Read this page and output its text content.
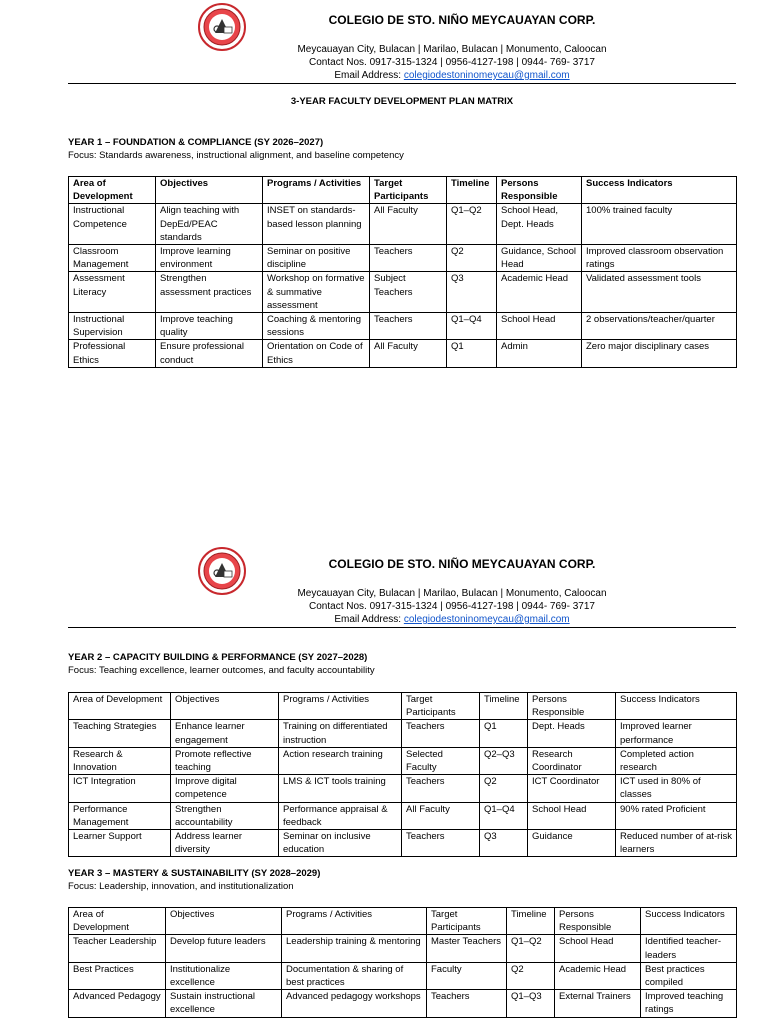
COLEGIO DE STO. NIÑO MEYCAUAYAN CORP.
Meycauayan City, Bulacan | Marilao, Bulacan | Monumento, Caloocan
Contact Nos. 0917-315-1324 | 0956-4127-198 | 0944- 769- 3717
Email Address: colegiodestoninomeycau@gmail.com
3-YEAR FACULTY DEVELOPMENT PLAN MATRIX
YEAR 1 – FOUNDATION & COMPLIANCE (SY 2026–2027)
Focus: Standards awareness, instructional alignment, and baseline competency
Area of Development	Objectives	Programs / Activities	Target Participants	Timeline	Persons Responsible	Success Indicators
Instructional Competence	Align teaching with DepEd/PEAC standards	INSET on standards-based lesson planning	All Faculty	Q1–Q2	School Head, Dept. Heads	100% trained faculty
Classroom Management	Improve learning environment	Seminar on positive discipline	Teachers	Q2	Guidance, School Head	Improved classroom observation ratings
Assessment Literacy	Strengthen assessment practices	Workshop on formative & summative assessment	Subject Teachers	Q3	Academic Head	Validated assessment tools
Instructional Supervision	Improve teaching quality	Coaching & mentoring sessions	Teachers	Q1–Q4	School Head	2 observations/teacher/quarter
Professional Ethics	Ensure professional conduct	Orientation on Code of Ethics	All Faculty	Q1	Admin	Zero major disciplinary cases
COLEGIO DE STO. NIÑO MEYCAUAYAN CORP.
Meycauayan City, Bulacan | Marilao, Bulacan | Monumento, Caloocan
Contact Nos. 0917-315-1324 | 0956-4127-198 | 0944- 769- 3717
Email Address: colegiodestoninomeycau@gmail.com
YEAR 2 – CAPACITY BUILDING & PERFORMANCE (SY 2027–2028)
Focus: Teaching excellence, learner outcomes, and faculty accountability
Area of Development	Objectives	Programs / Activities	Target Participants	Timeline	Persons Responsible	Success Indicators
Teaching Strategies	Enhance learner engagement	Training on differentiated instruction	Teachers	Q1	Dept. Heads	Improved learner performance
Research & Innovation	Promote reflective teaching	Action research training	Selected Faculty	Q2–Q3	Research Coordinator	Completed action research
ICT Integration	Improve digital competence	LMS & ICT tools training	Teachers	Q2	ICT Coordinator	ICT used in 80% of classes
Performance Management	Strengthen accountability	Performance appraisal & feedback	All Faculty	Q1–Q4	School Head	90% rated Proficient
Learner Support	Address learner diversity	Seminar on inclusive education	Teachers	Q3	Guidance	Reduced number of at-risk learners
YEAR 3 – MASTERY & SUSTAINABILITY (SY 2028–2029)
Focus: Leadership, innovation, and institutionalization
Area of Development	Objectives	Programs / Activities	Target Participants	Timeline	Persons Responsible	Success Indicators
Teacher Leadership	Develop future leaders	Leadership training & mentoring	Master Teachers	Q1–Q2	School Head	Identified teacher-leaders
Best Practices	Institutionalize excellence	Documentation & sharing of best practices	Faculty	Q2	Academic Head	Best practices compiled
Advanced Pedagogy	Sustain instructional excellence	Advanced pedagogy workshops	Teachers	Q1–Q3	External Trainers	Improved teaching ratings
